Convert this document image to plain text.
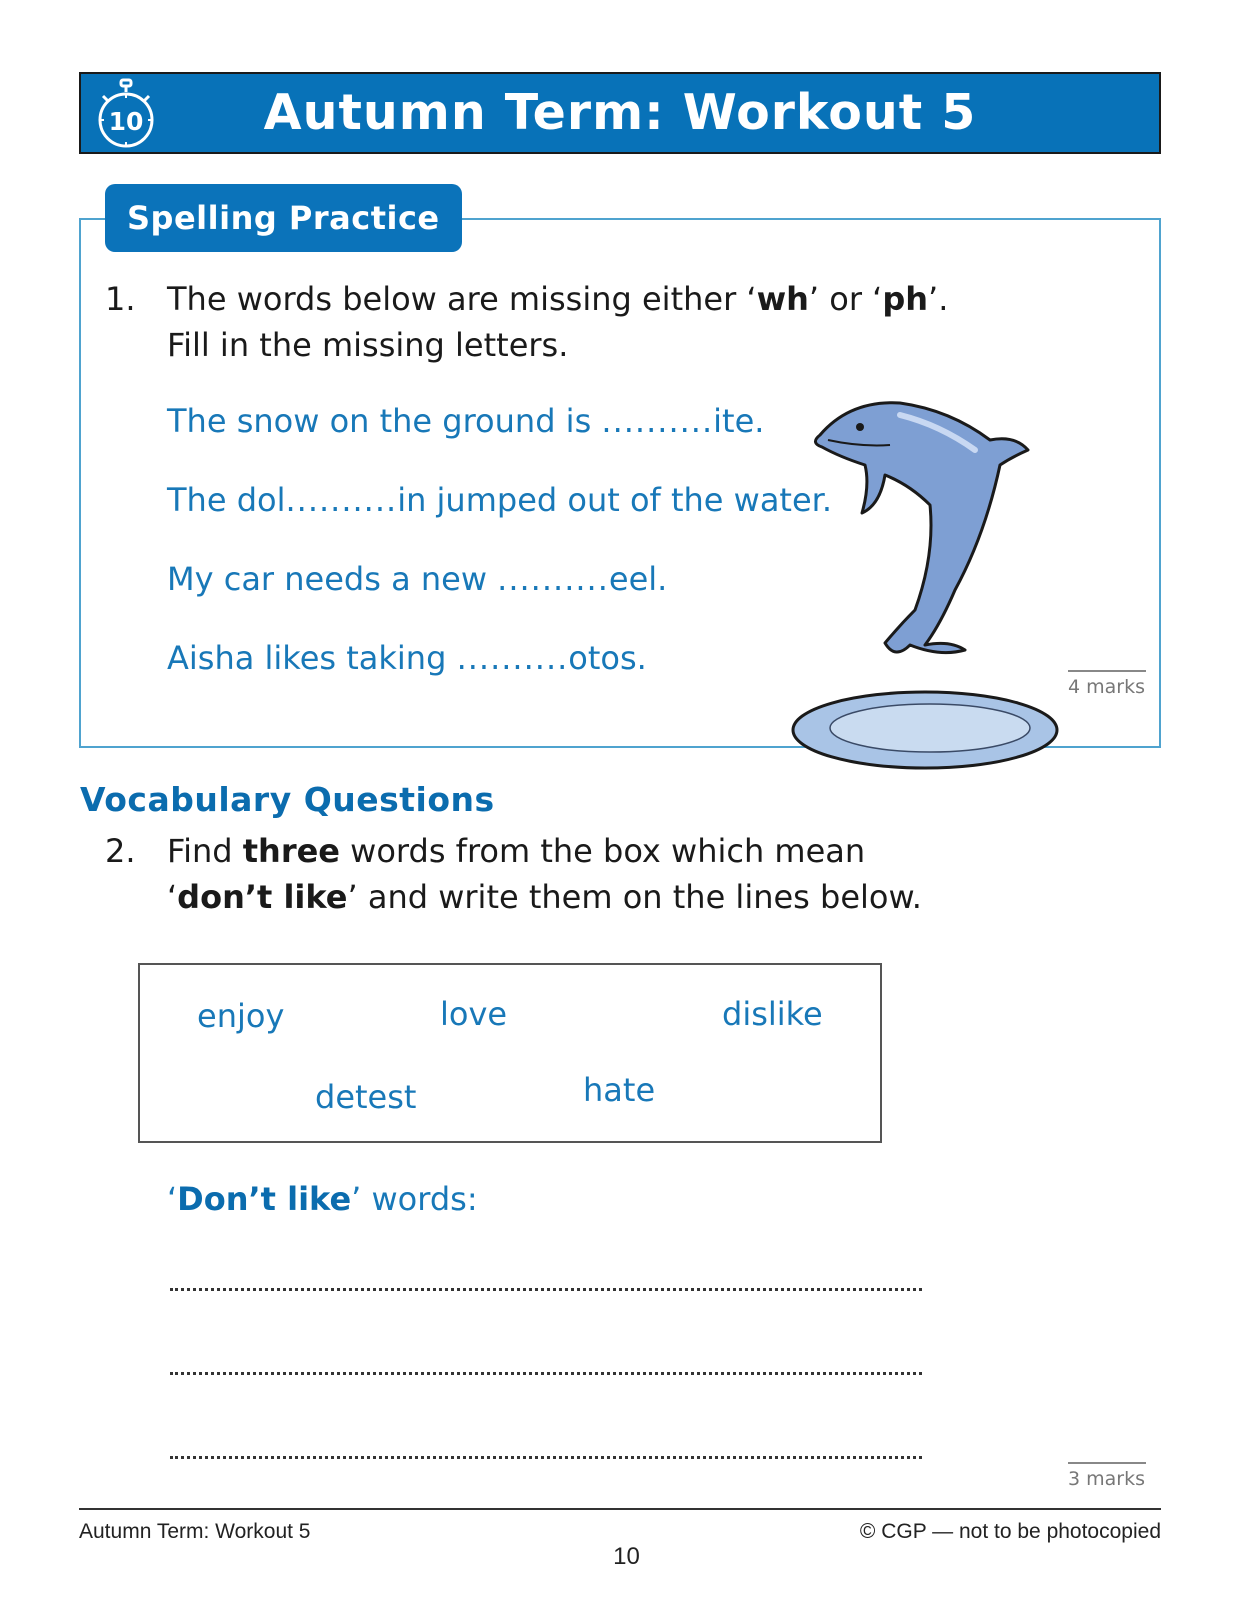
10	Autumn Term: Workout 5
Spelling Practice
1. The words below are missing either ‘wh’ or ‘ph’.
Fill in the missing letters.
The snow on the ground is ..........ite.
The dol..........in jumped out of the water.
My car needs a new ..........eel.
Aisha likes taking ..........otos.
4 marks
Vocabulary Questions
2. Find three words from the box which mean
‘don’t like’ and write them on the lines below.
enjoy	love	dislike
detest	hate
‘Don’t like’ words:
3 marks
Autumn Term: Workout 5
10
© CGP — not to be photocopied
